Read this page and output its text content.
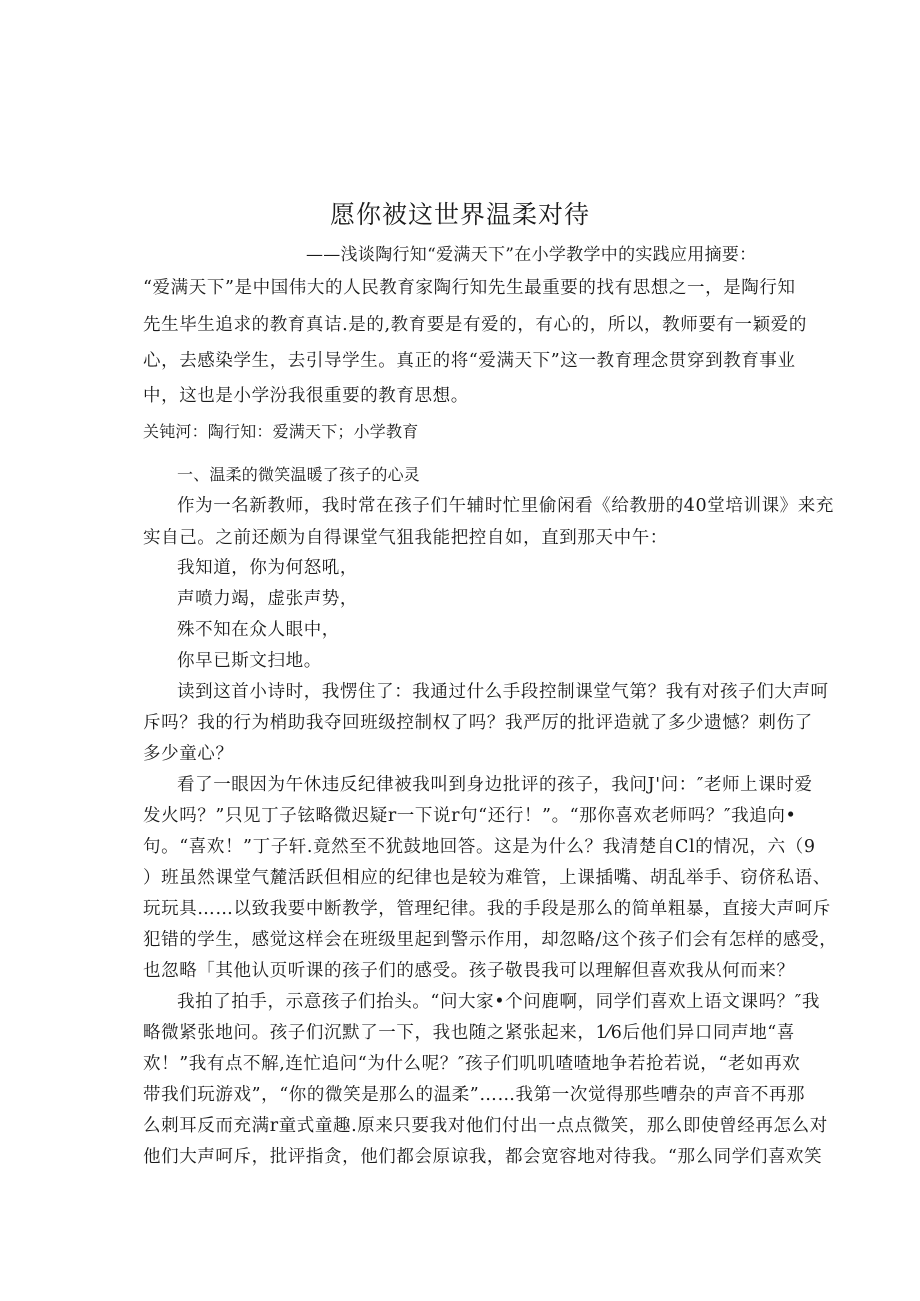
愿你被这世界温柔对待
——浅谈陶行知“爱满天下”在小学教学中的实践应用摘要：
“爱满天下”是中国伟大的人民教育家陶行知先生最重要的找有思想之一，是陶行知
先生毕生追求的教育真诘.是的,教育要是有爱的，有心的，所以，教师要有一颖爱的
心，去感染学生，去引导学生。真正的将“爱满天下”这一教育理念贯穿到教育事业
中，这也是小学汾我很重要的教育思想。
关钝河：陶行知：爱满天下；小学教育
一、温柔的微笑温暖了孩子的心灵
作为一名新教师，我时常在孩子们午辅时忙里偷闲看《给教册的40堂培训课》来充
实自己。之前还颇为自得课堂气狙我能把控自如，直到那天中午：
我知道，你为何怒吼，
声喷力竭，虚张声势，
殊不知在众人眼中，
你早已斯文扫地。
读到这首小诗时，我愣住了：我通过什么手段控制课堂气第？我有对孩子们大声呵
斥吗？我的行为梢助我夺回班级控制权了吗？我严厉的批评造就了多少遗憾？刺伤了
多少童心？
看了一眼因为午休违反纪律被我叫到身边批评的孩子，我问J'问：″老师上课时爱
发火吗？”只见丁子铉略微迟疑r一下说r句“还行！”。“那你喜欢老师吗？″我追向•
句。“喜欢！”丁子轩.竟然至不犹鼓地回答。这是为什么？我清楚自Cl的情况，六（9
）班虽然课堂气麓活跃但相应的纪律也是较为难管，上课插嘴、胡乱举手、窃侪私语、
玩玩具……以致我要中断教学，管理纪律。我的手段是那么的简单粗暴，直接大声呵斥
犯错的学生，感觉这样会在班级里起到警示作用，却忽略/这个孩子们会有怎样的感受，
也忽略「其他认页听课的孩子们的感受。孩子敬畏我可以理解但喜欢我从何而来？
我拍了拍手，示意孩子们抬头。“问大家•个问鹿啊，同学们喜欢上语文课吗？″我
略微紧张地问。孩子们沉默了一下，我也随之紧张起来，1⁄6后他们异口同声地“喜
欢！”我有点不解,连忙追问“为什么呢？″孩子们叽叽喳喳地争若抢若说，“老如再欢
带我们玩游戏”，“你的微笑是那么的温柔”……我第一次觉得那些嘈杂的声音不再那
么刺耳反而充满r童式童趣.原来只要我对他们付出一点点微笑，那么即使曾经再怎么对
他们大声呵斥，批评指贪，他们都会原谅我，都会宽容地对待我。“那么同学们喜欢笑
